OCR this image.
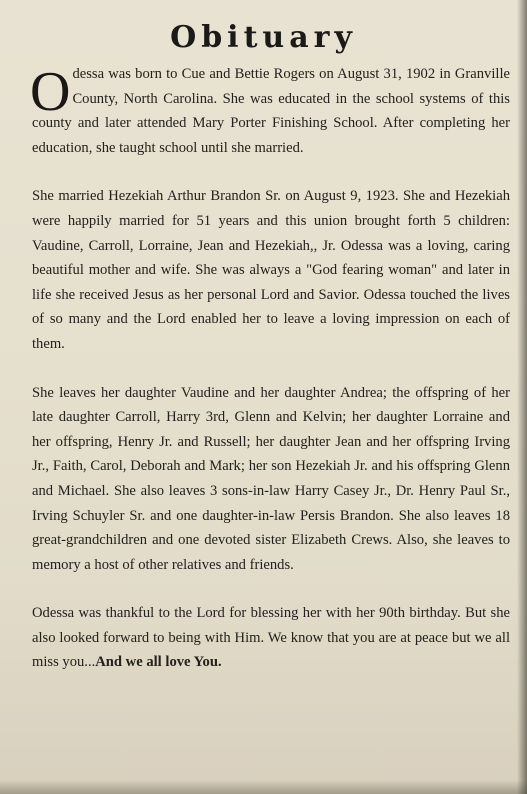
Obituary

Odessa was born to Cue and Bettie Rogers on August 31, 1902 in Granville County, North Carolina. She was educated in the school systems of this county and later attended Mary Porter Finishing School. After completing her education, she taught school until she married.

She married Hezekiah Arthur Brandon Sr. on August 9, 1923. She and Hezekiah were happily married for 51 years and this union brought forth 5 children: Vaudine, Carroll, Lorraine, Jean and Hezekiah,, Jr. Odessa was a loving, caring beautiful mother and wife. She was always a "God fearing woman" and later in life she received Jesus as her personal Lord and Savior. Odessa touched the lives of so many and the Lord enabled her to leave a loving impression on each of them.

She leaves her daughter Vaudine and her daughter Andrea; the offspring of her late daughter Carroll, Harry 3rd, Glenn and Kelvin; her daughter Lorraine and her offspring, Henry Jr. and Russell; her daughter Jean and her offspring Irving Jr., Faith, Carol, Deborah and Mark; her son Hezekiah Jr. and his offspring Glenn and Michael. She also leaves 3 sons-in-law Harry Casey Jr., Dr. Henry Paul Sr., Irving Schuyler Sr. and one daughter-in-law Persis Brandon. She also leaves 18 great-grandchildren and one devoted sister Elizabeth Crews. Also, she leaves to memory a host of other relatives and friends.

Odessa was thankful to the Lord for blessing her with her 90th birthday. But she also looked forward to being with Him. We know that you are at peace but we all miss you...And we all love You.
